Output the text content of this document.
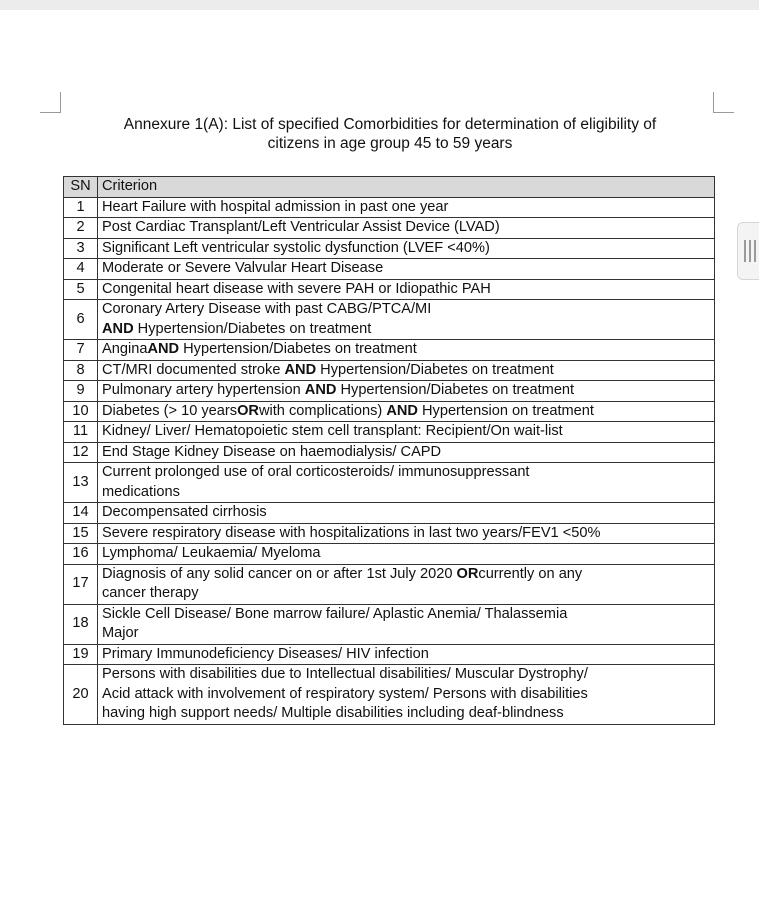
Annexure 1(A): List of specified Comorbidities for determination of eligibility of
citizens in age group 45 to 59 years
SN	Criterion
1	Heart Failure with hospital admission in past one year

2	Post Cardiac Transplant/Left Ventricular Assist Device (LVAD)

3	Significant Left ventricular systolic dysfunction (LVEF <40%)

4	Moderate or Severe Valvular Heart Disease

5	Congenital heart disease with severe PAH or Idiopathic PAH

6	Coronary Artery Disease with past CABG/PTCA/MI
AND Hypertension/Diabetes on treatment

7	AnginaAND Hypertension/Diabetes on treatment

8	CT/MRI documented stroke AND Hypertension/Diabetes on treatment

9	Pulmonary artery hypertension AND Hypertension/Diabetes on treatment

10	Diabetes (> 10 yearsORwith complications) AND Hypertension on treatment

11	Kidney/ Liver/ Hematopoietic stem cell transplant: Recipient/On wait-list

12	End Stage Kidney Disease on haemodialysis/ CAPD

13	Current prolonged use of oral corticosteroids/ immunosuppressant
medications

14	Decompensated cirrhosis

15	Severe respiratory disease with hospitalizations in last two years/FEV1 <50%

16	Lymphoma/ Leukaemia/ Myeloma

17	Diagnosis of any solid cancer on or after 1st July 2020 ORcurrently on any
cancer therapy

18	Sickle Cell Disease/ Bone marrow failure/ Aplastic Anemia/ Thalassemia
Major

19	Primary Immunodeficiency Diseases/ HIV infection

20	Persons with disabilities due to Intellectual disabilities/ Muscular Dystrophy/
Acid attack with involvement of respiratory system/ Persons with disabilities
having high support needs/ Multiple disabilities including deaf-blindness
